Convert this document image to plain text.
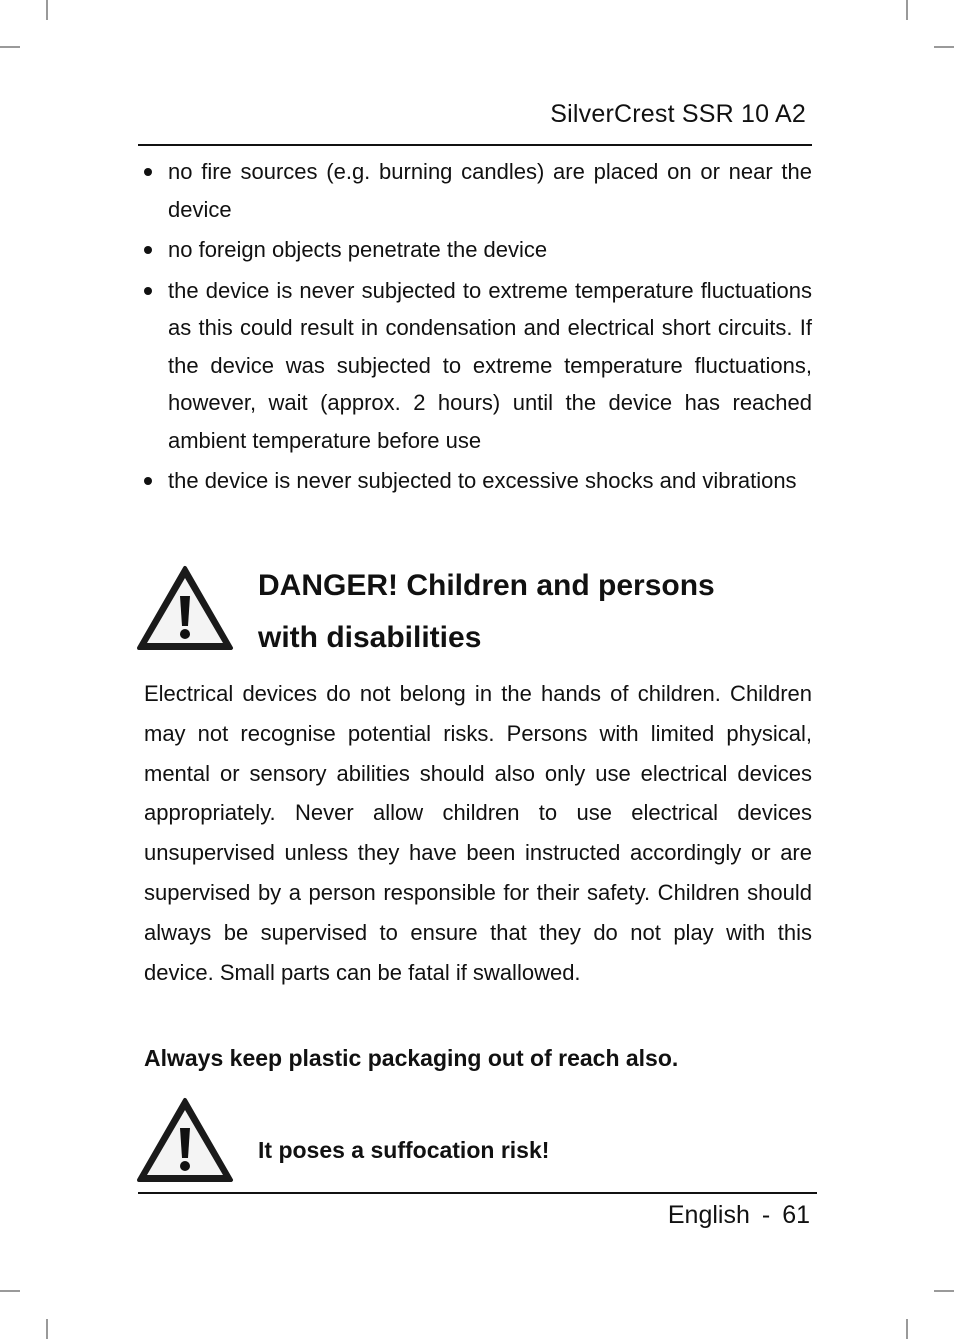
SilverCrest SSR 10 A2
no fire sources (e.g. burning candles) are placed on or near the device
no foreign objects penetrate the device
the device is never subjected to extreme temperature fluctuations as this could result in condensation and electrical short circuits. If the device was subjected to extreme temperature fluctuations, however, wait (approx. 2 hours) until the device has reached ambient temperature before use
the device is never subjected to excessive shocks and vibrations
DANGER! Children and persons
with disabilities

Electrical devices do not belong in the hands of children. Children may not recognise potential risks. Persons with limited physical, mental or sensory abilities should also only use electrical devices appropriately. Never allow children to use electrical devices unsupervised unless they have been instructed accordingly or are supervised by a person responsible for their safety. Children should always be supervised to ensure that they do not play with this device. Small parts can be fatal if swallowed.

Always keep plastic packaging out of reach also.

It poses a suffocation risk!

English - 61
